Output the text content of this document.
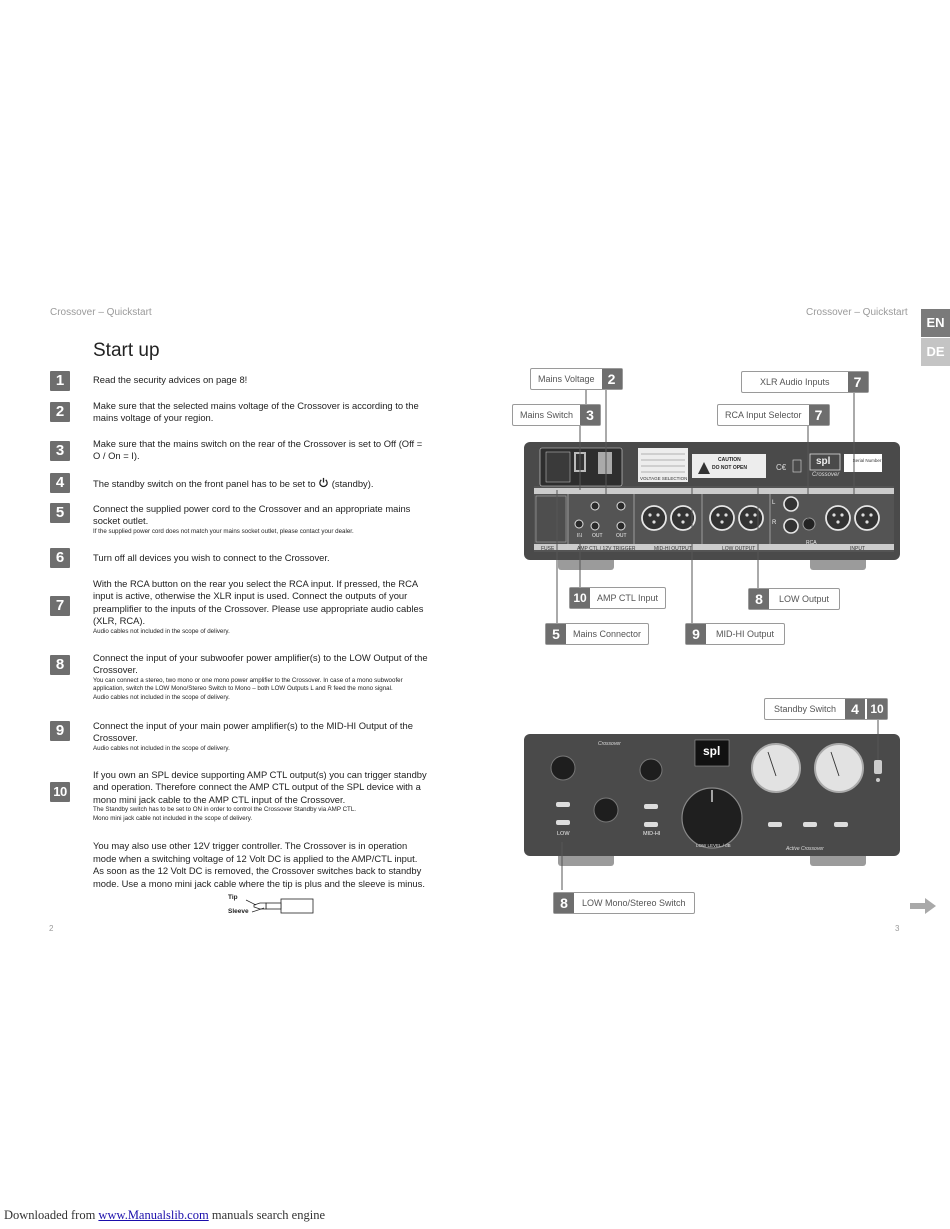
Crossover – Quickstart	Crossover – Quickstart
EN
DE
Start up
1	Read the security advices on page 8!
2	Make sure that the selected mains voltage of the Crossover is according to the mains voltage of your region.
3	Make sure that the mains switch on the rear of the Crossover is set to Off (Off = O / On = I).
4	The standby switch on the front panel has to be set to (standby).
5	Connect the supplied power cord to the Crossover and an appropriate mains socket outlet.
If the supplied power cord does not match your mains socket outlet, please contact your dealer.
6	Turn off all devices you wish to connect to the Crossover.
7
With the RCA button on the rear you select the RCA input. If pressed, the RCA input is active, otherwise the XLR input is used. Connect the outputs of your preamplifier to the inputs of the Crossover. Please use appropriate audio cables (XLR, RCA).
Audio cables not included in the scope of delivery.
8	Connect the input of your subwoofer power amplifier(s) to the LOW Output of the Crossover.
You can connect a stereo, two mono or one mono power amplifier to the Crossover. In case of a mono subwoofer application, switch the LOW Mono/Stereo Switch to Mono – both LOW Outputs L and R feed the mono signal.
Audio cables not included in the scope of delivery.
9	Connect the input of your main power amplifier(s) to the MID-HI Output of the Crossover.
Audio cables not included in the scope of delivery.
10
If you own an SPL device supporting AMP CTL output(s) you can trigger standby and operation. Therefore connect the AMP CTL output of the SPL device with a mono mini jack cable to the AMP CTL input of the Crossover.
The Standby switch has to be set to ON in order to control the Crossover Standby via AMP CTL.
Mono mini jack cable not included in the scope of delivery.
You may also use other 12V trigger controller. The Crossover is in operation mode when a switching voltage of 12 Volt DC is applied to the AMP/CTL input. As soon as the 12 Volt DC is removed, the Crossover switches back to standby mode. Use a mono mini jack cable where the tip is plus and the sleeve is minus.
Tip
Sleeve
2	3
C€
FUSE	AMP CTL / 12V TRIGGER
IN OUT	OUT
MID-HI OUTPUT	LOW OUTPUT	INPUT
VOLTAGE SELECTION
CAUTION
DO NOT OPEN
RCA
L
R
spl
Crossover
Serial Number
Mains Voltage 2	XLR Audio Inputs	7
Mains Switch 3	RCA Input Selector 7
10	AMP CTL Input	8	LOW Output
5	Mains Connector	9	MID-HI Output
Crossover	spl
LOW	MID-HI
LOW LEVEL / dB
Active Crossover
Standby Switch	4 10
8	LOW Mono/Stereo Switch
Downloaded from www.Manualslib.com manuals search engine
